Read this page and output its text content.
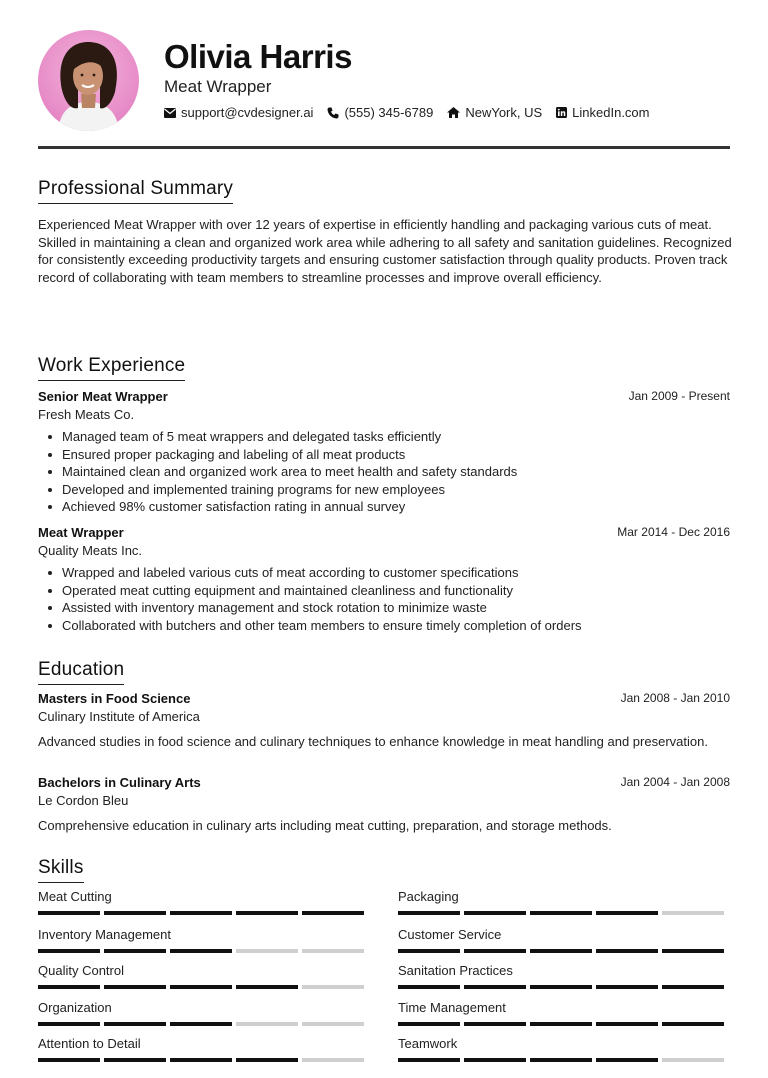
Olivia Harris
Meat Wrapper
support@cvdesigner.ai (555) 345-6789 NewYork, US LinkedIn.com
Professional Summary
Experienced Meat Wrapper with over 12 years of expertise in efficiently handling and packaging various cuts of meat. Skilled in maintaining a clean and organized work area while adhering to all safety and sanitation guidelines. Recognized for consistently exceeding productivity targets and ensuring customer satisfaction through quality products. Proven track record of collaborating with team members to streamline processes and improve overall efficiency.
Work Experience
Senior Meat Wrapper	Jan 2009 - Present
Fresh Meats Co.
Managed team of 5 meat wrappers and delegated tasks efficiently
Ensured proper packaging and labeling of all meat products
Maintained clean and organized work area to meet health and safety standards
Developed and implemented training programs for new employees
Achieved 98% customer satisfaction rating in annual survey
Meat Wrapper	Mar 2014 - Dec 2016
Quality Meats Inc.
Wrapped and labeled various cuts of meat according to customer specifications
Operated meat cutting equipment and maintained cleanliness and functionality
Assisted with inventory management and stock rotation to minimize waste
Collaborated with butchers and other team members to ensure timely completion of orders
Education
Masters in Food Science	Jan 2008 - Jan 2010
Culinary Institute of America
Advanced studies in food science and culinary techniques to enhance knowledge in meat handling and preservation.
Bachelors in Culinary Arts	Jan 2004 - Jan 2008
Le Cordon Bleu
Comprehensive education in culinary arts including meat cutting, preparation, and storage methods.
Skills
Meat Cutting	Packaging
Inventory Management	Customer Service
Quality Control	Sanitation Practices
Organization	Time Management
Attention to Detail	Teamwork
